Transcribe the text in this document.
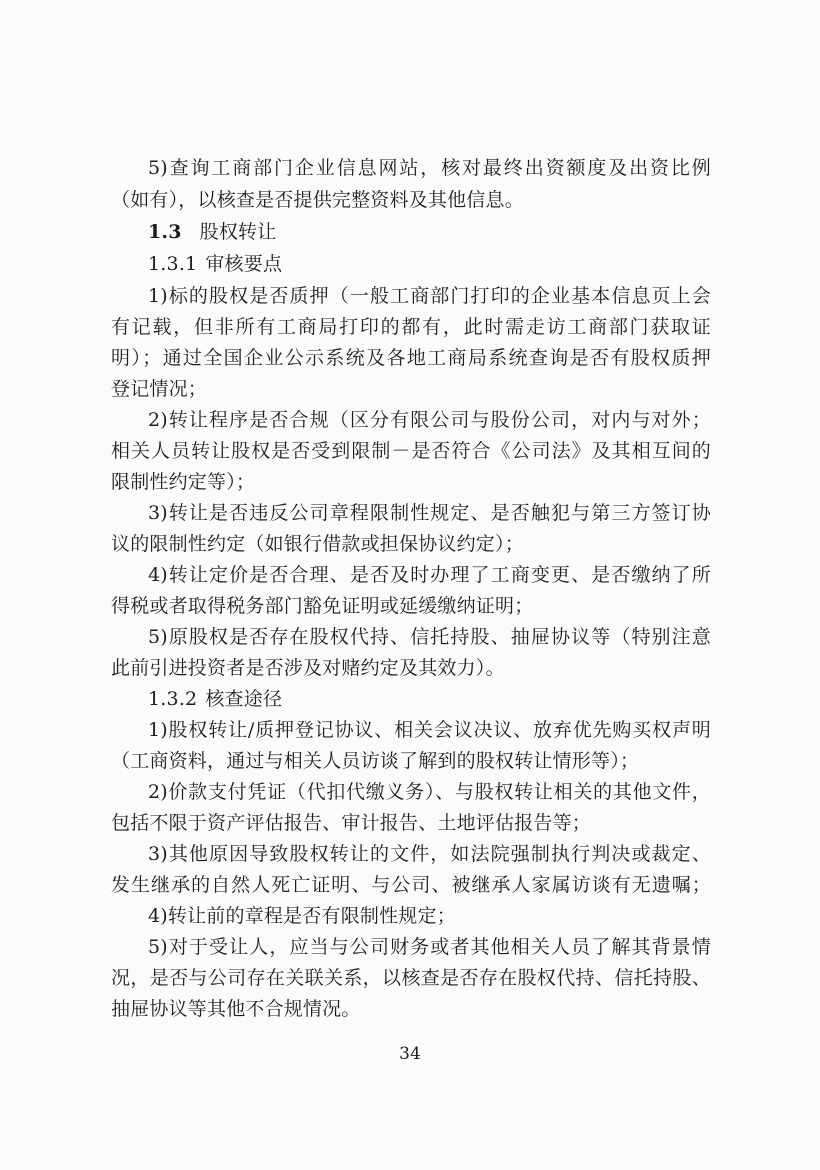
5)查询工商部门企业信息网站，核对最终出资额度及出资比例
（如有），以核查是否提供完整资料及其他信息。
1.3 股权转让
1.3.1 审核要点
1)标的股权是否质押（一般工商部门打印的企业基本信息页上会
有记载，但非所有工商局打印的都有，此时需走访工商部门获取证
明）；通过全国企业公示系统及各地工商局系统查询是否有股权质押
登记情况；
2)转让程序是否合规（区分有限公司与股份公司，对内与对外；
相关人员转让股权是否受到限制－是否符合《公司法》及其相互间的
限制性约定等）；
3)转让是否违反公司章程限制性规定、是否触犯与第三方签订协
议的限制性约定（如银行借款或担保协议约定）；
4)转让定价是否合理、是否及时办理了工商变更、是否缴纳了所
得税或者取得税务部门豁免证明或延缓缴纳证明；
5)原股权是否存在股权代持、信托持股、抽屉协议等（特别注意
此前引进投资者是否涉及对赌约定及其效力）。
1.3.2 核查途径
1)股权转让/质押登记协议、相关会议决议、放弃优先购买权声明
（工商资料，通过与相关人员访谈了解到的股权转让情形等）；
2)价款支付凭证（代扣代缴义务）、与股权转让相关的其他文件，
包括不限于资产评估报告、审计报告、土地评估报告等；
3)其他原因导致股权转让的文件，如法院强制执行判决或裁定、
发生继承的自然人死亡证明、与公司、被继承人家属访谈有无遗嘱；
4)转让前的章程是否有限制性规定；
5)对于受让人，应当与公司财务或者其他相关人员了解其背景情
况，是否与公司存在关联关系，以核查是否存在股权代持、信托持股、
抽屉协议等其他不合规情况。
34
